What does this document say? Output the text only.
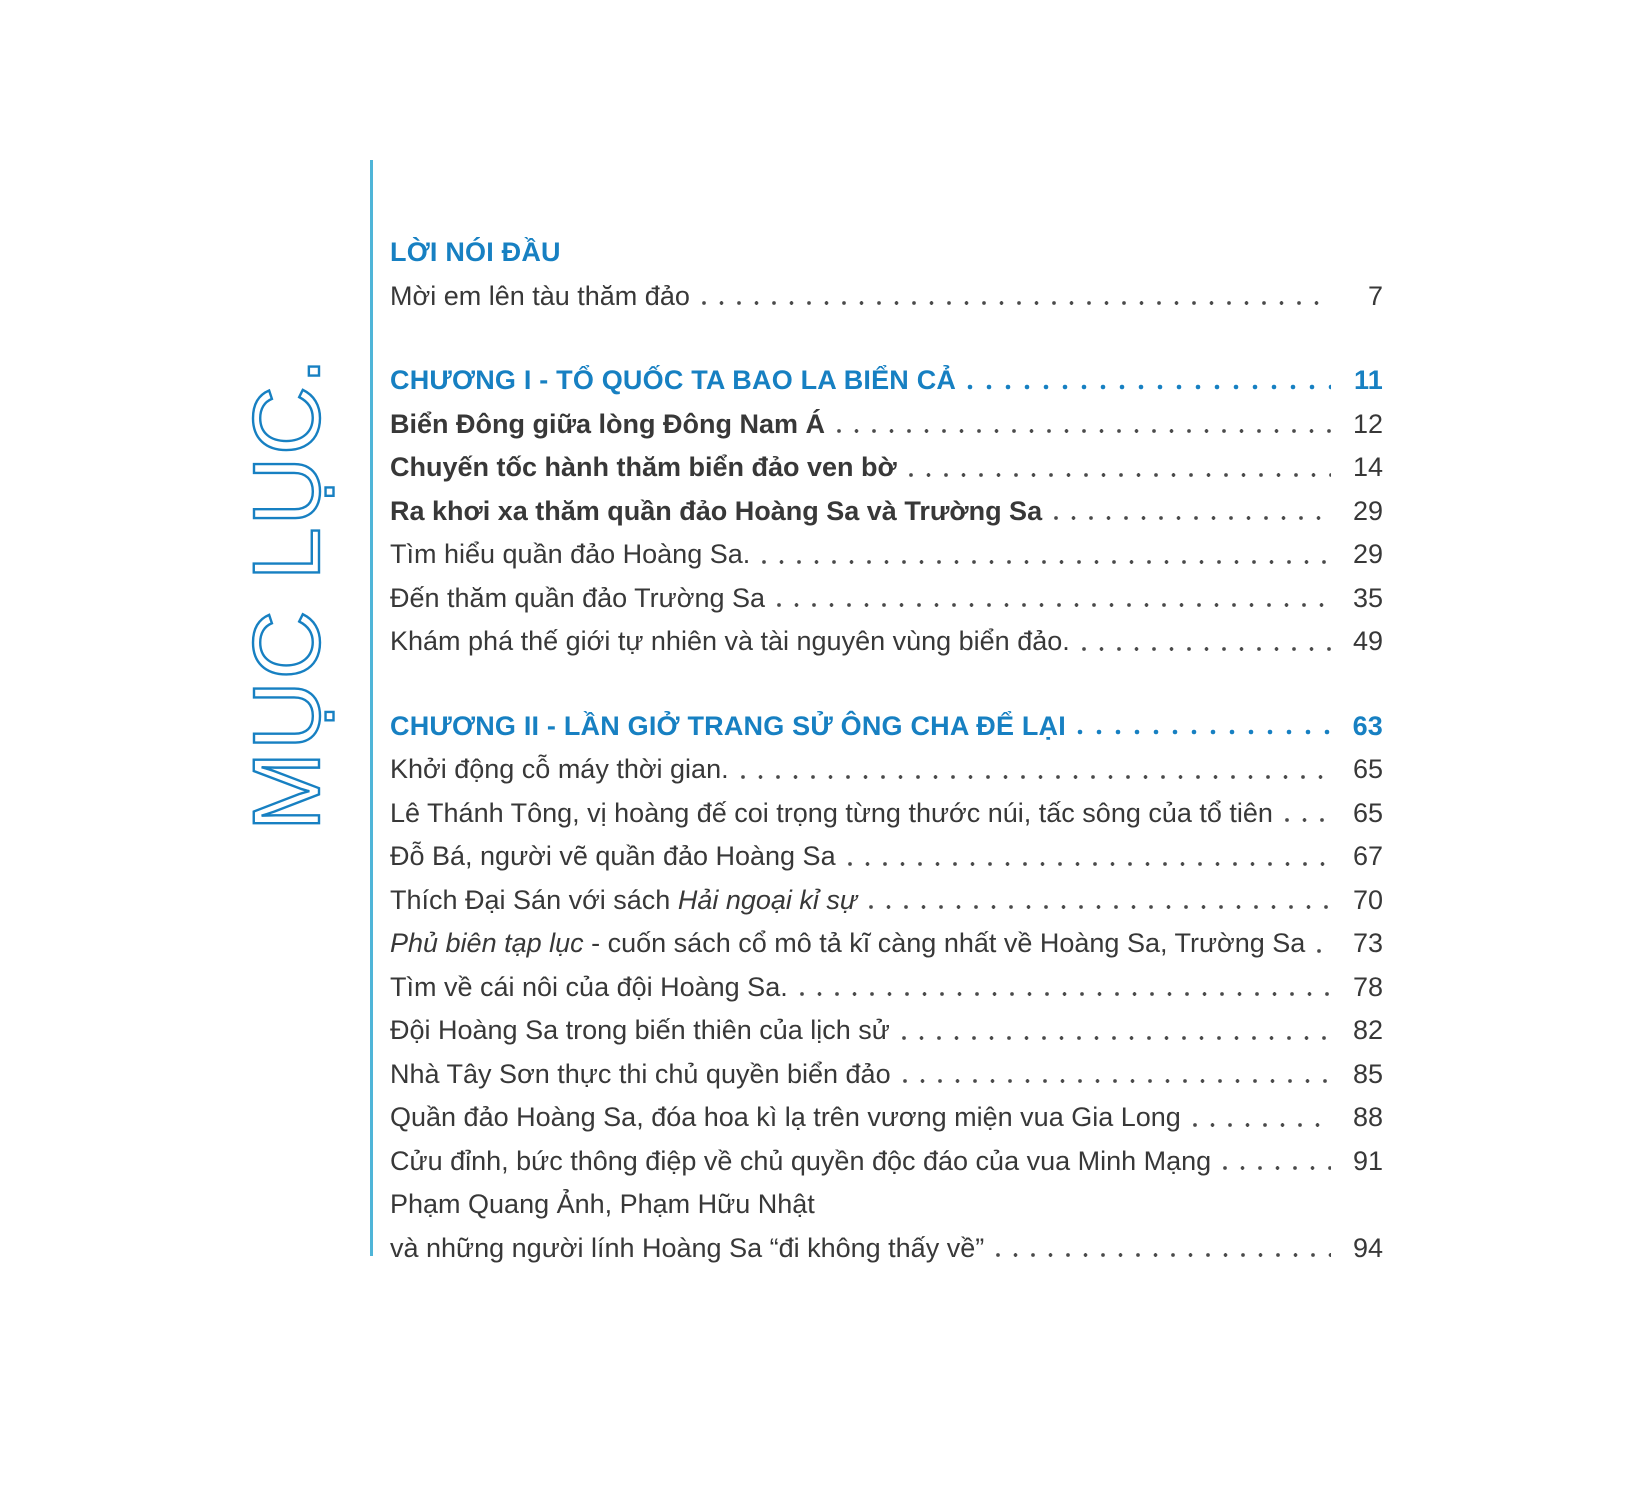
MỤC LỤC.
LỜI NÓI ĐẦU
Mời em lên tàu thăm đảo	7
CHƯƠNG I - TỔ QUỐC TA BAO LA BIỂN CẢ	11
Biển Đông giữa lòng Đông Nam Á	12
Chuyến tốc hành thăm biển đảo ven bờ	14
Ra khơi xa thăm quần đảo Hoàng Sa và Trường Sa	29
Tìm hiểu quần đảo Hoàng Sa.	29
Đến thăm quần đảo Trường Sa	35
Khám phá thế giới tự nhiên và tài nguyên vùng biển đảo.	49
CHƯƠNG II - LẦN GIỞ TRANG SỬ ÔNG CHA ĐỂ LẠI	63
Khởi động cỗ máy thời gian.	65
Lê Thánh Tông, vị hoàng đế coi trọng từng thước núi, tấc sông của tổ tiên	65
Đỗ Bá, người vẽ quần đảo Hoàng Sa	67
Thích Đại Sán với sách Hải ngoại kỉ sự	70
Phủ biên tạp lục - cuốn sách cổ mô tả kĩ càng nhất về Hoàng Sa, Trường Sa	73
Tìm về cái nôi của đội Hoàng Sa.	78
Đội Hoàng Sa trong biến thiên của lịch sử	82
Nhà Tây Sơn thực thi chủ quyền biển đảo	85
Quần đảo Hoàng Sa, đóa hoa kì lạ trên vương miện vua Gia Long	88
Cửu đỉnh, bức thông điệp về chủ quyền độc đáo của vua Minh Mạng	91
Phạm Quang Ảnh, Phạm Hữu Nhật
và những người lính Hoàng Sa “đi không thấy về”	94
